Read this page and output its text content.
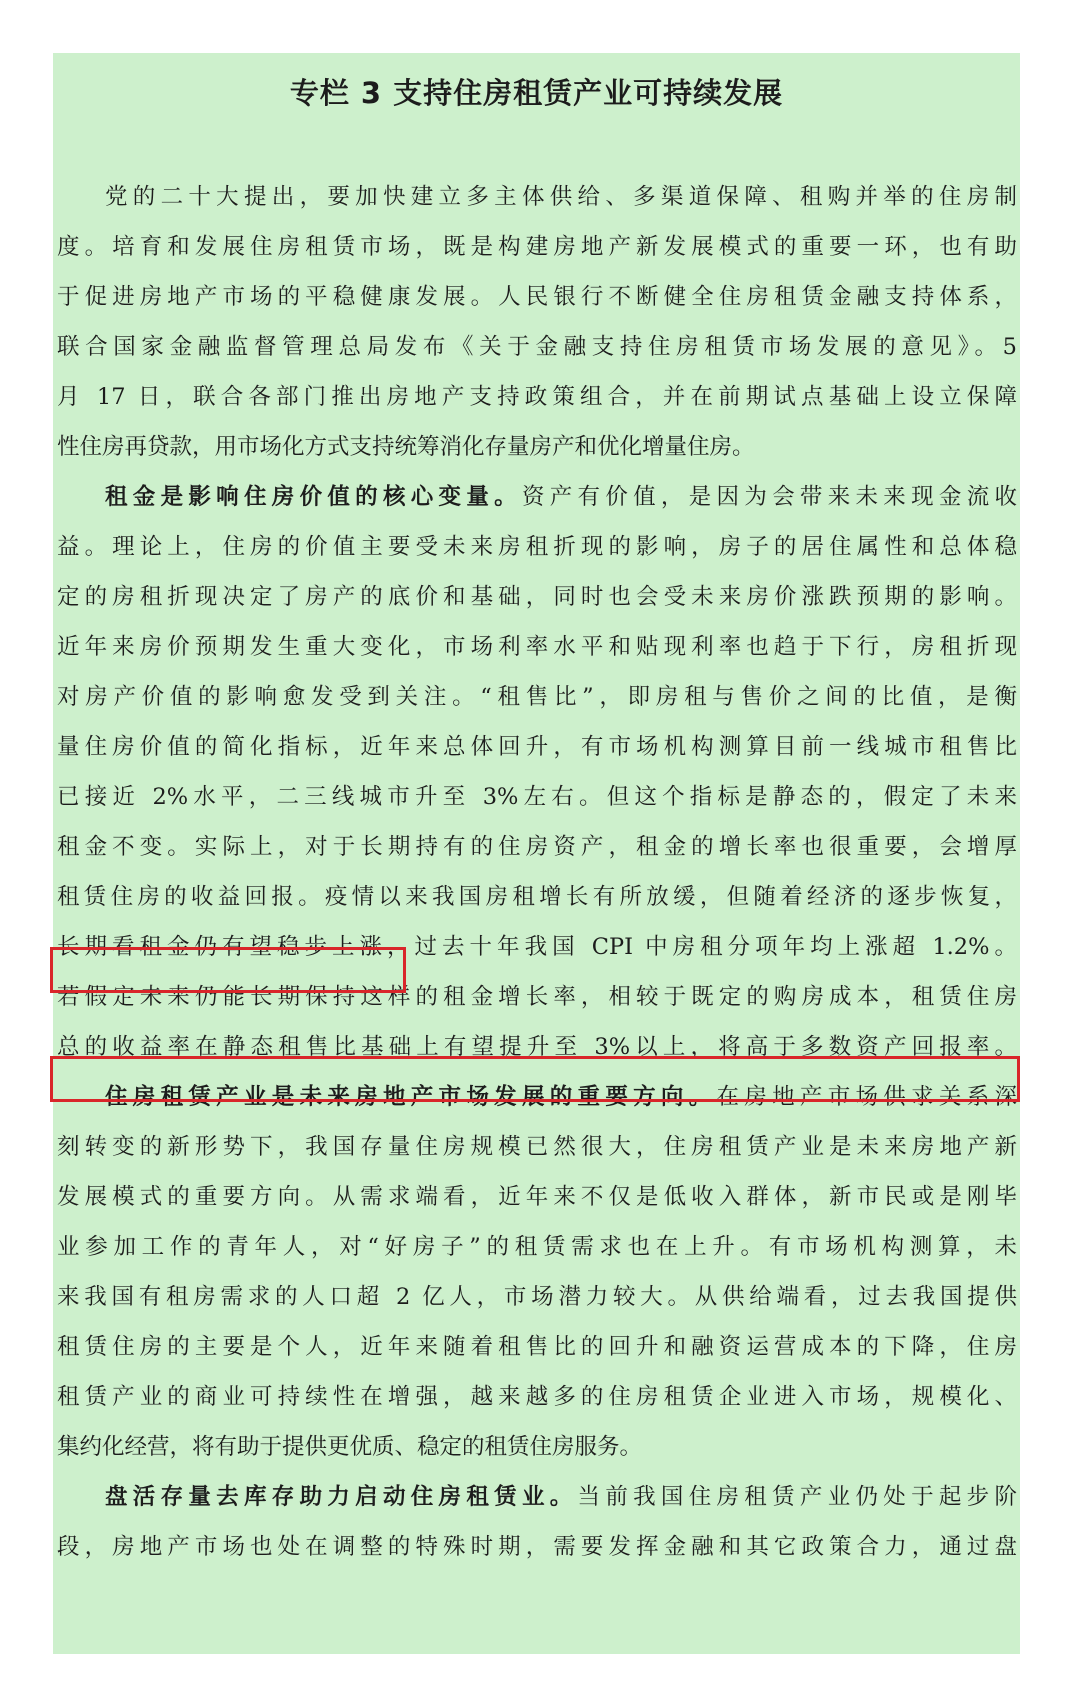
专栏 3 支持住房租赁产业可持续发展
党的二十大提出，要加快建立多主体供给、多渠道保障、租购并举的住房制
度。培育和发展住房租赁市场，既是构建房地产新发展模式的重要一环，也有助
于促进房地产市场的平稳健康发展。人民银行不断健全住房租赁金融支持体系，
联合国家金融监督管理总局发布《关于金融支持住房租赁市场发展的意见》。5
月 17 日，联合各部门推出房地产支持政策组合，并在前期试点基础上设立保障
性住房再贷款，用市场化方式支持统筹消化存量房产和优化增量住房。
租金是影响住房价值的核心变量。资产有价值，是因为会带来未来现金流收
益。理论上，住房的价值主要受未来房租折现的影响，房子的居住属性和总体稳
定的房租折现决定了房产的底价和基础，同时也会受未来房价涨跌预期的影响。
近年来房价预期发生重大变化，市场利率水平和贴现利率也趋于下行，房租折现
对房产价值的影响愈发受到关注。“租售比”，即房租与售价之间的比值，是衡
量住房价值的简化指标，近年来总体回升，有市场机构测算目前一线城市租售比
已接近 2%水平，二三线城市升至 3%左右。但这个指标是静态的，假定了未来
租金不变。实际上，对于长期持有的住房资产，租金的增长率也很重要，会增厚
租赁住房的收益回报。疫情以来我国房租增长有所放缓，但随着经济的逐步恢复，
长期看租金仍有望稳步上涨，过去十年我国 CPI 中房租分项年均上涨超 1.2%。
若假定未来仍能长期保持这样的租金增长率，相较于既定的购房成本，租赁住房
总的收益率在静态租售比基础上有望提升至 3%以上，将高于多数资产回报率。
住房租赁产业是未来房地产市场发展的重要方向。在房地产市场供求关系深
刻转变的新形势下，我国存量住房规模已然很大，住房租赁产业是未来房地产新
发展模式的重要方向。从需求端看，近年来不仅是低收入群体，新市民或是刚毕
业参加工作的青年人，对“好房子”的租赁需求也在上升。有市场机构测算，未
来我国有租房需求的人口超 2 亿人，市场潜力较大。从供给端看，过去我国提供
租赁住房的主要是个人，近年来随着租售比的回升和融资运营成本的下降，住房
租赁产业的商业可持续性在增强，越来越多的住房租赁企业进入市场，规模化、
集约化经营，将有助于提供更优质、稳定的租赁住房服务。
盘活存量去库存助力启动住房租赁业。当前我国住房租赁产业仍处于起步阶
段，房地产市场也处在调整的特殊时期，需要发挥金融和其它政策合力，通过盘
